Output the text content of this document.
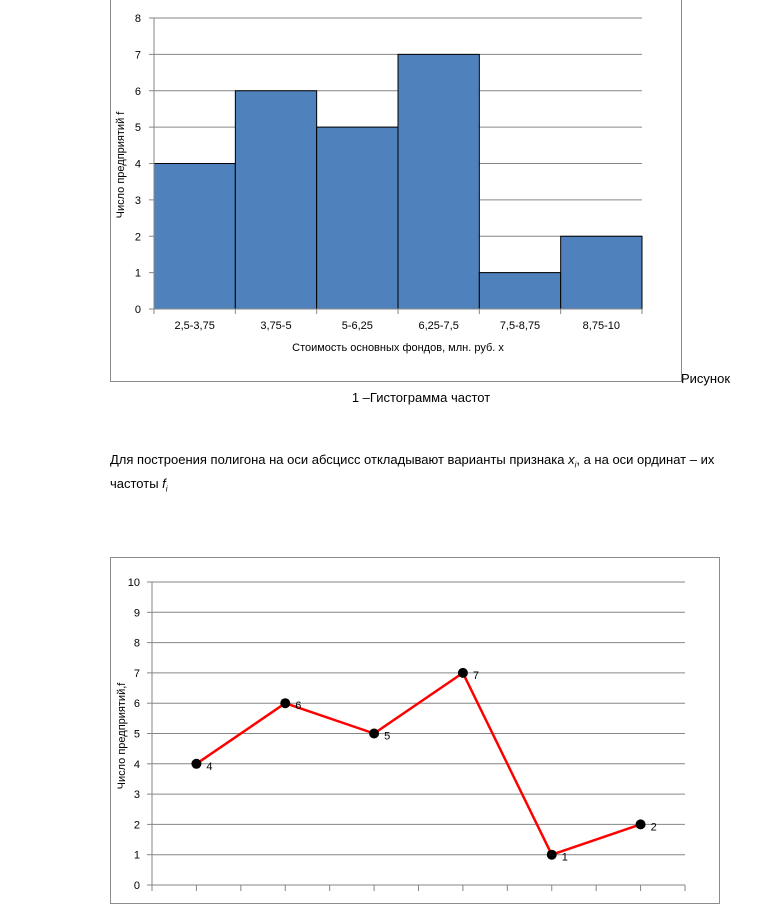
0
1
2
3
4
5
6
7
8
2,5-3,75	3,75-5	5-6,25	6,25-7,5	7,5-8,75	8,75-10
Стоимость основных фондов, млн. руб. х
Число предприятий f
Рисунок
1 –Гистограмма частот
Для построения полигона на оси абсцисс откладывают варианты признака $x_i$, а на оси ординат – их частоты $f_i$
0
1
2
3
4
5
6
7
8
9
10
4
6
5
7
1
2
Число предприятий,f
